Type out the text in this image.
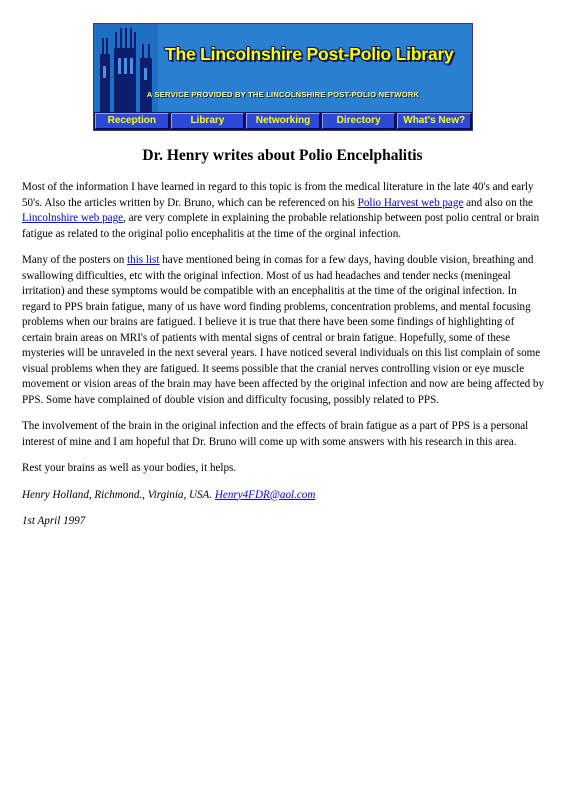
The Lincolnshire Post-Polio Library
A SERVICE PROVIDED BY THE LINCOLNSHIRE POST-POLIO NETWORK
Reception	Library	Networking	Directory	What's New?
Dr. Henry writes about Polio Encelphalitis

Most of the information I have learned in regard to this topic is from the medical literature in the late 40's and early 50's. Also the articles written by Dr. Bruno, which can be referenced on his Polio Harvest web page and also on the Lincolnshire web page, are very complete in explaining the probable relationship between post polio central or brain fatigue as related to the original polio encephalitis at the time of the orginal infection.

Many of the posters on this list have mentioned being in comas for a few days, having double vision, breathing and swallowing difficulties, etc with the original infection. Most of us had headaches and tender necks (meningeal irritation) and these symptoms would be compatible with an encephalitis at the time of the original infection. In regard to PPS brain fatigue, many of us have word finding problems, concentration problems, and mental focusing problems when our brains are fatigued. I believe it is true that there have been some findings of highlighting of certain brain areas on MRI's of patients with mental signs of central or brain fatigue. Hopefully, some of these mysteries will be unraveled in the next several years. I have noticed several individuals on this list complain of some visual problems when they are fatigued. It seems possible that the cranial nerves controlling vision or eye muscle movement or vision areas of the brain may have been affected by the original infection and now are being affected by PPS. Some have complained of double vision and difficulty focusing, possibly related to PPS.

The involvement of the brain in the original infection and the effects of brain fatigue as a part of PPS is a personal interest of mine and I am hopeful that Dr. Bruno will come up with some answers with his research in this area.

Rest your brains as well as your bodies, it helps.

Henry Holland, Richmond., Virginia, USA. Henry4FDR@aol.com

1st April 1997
